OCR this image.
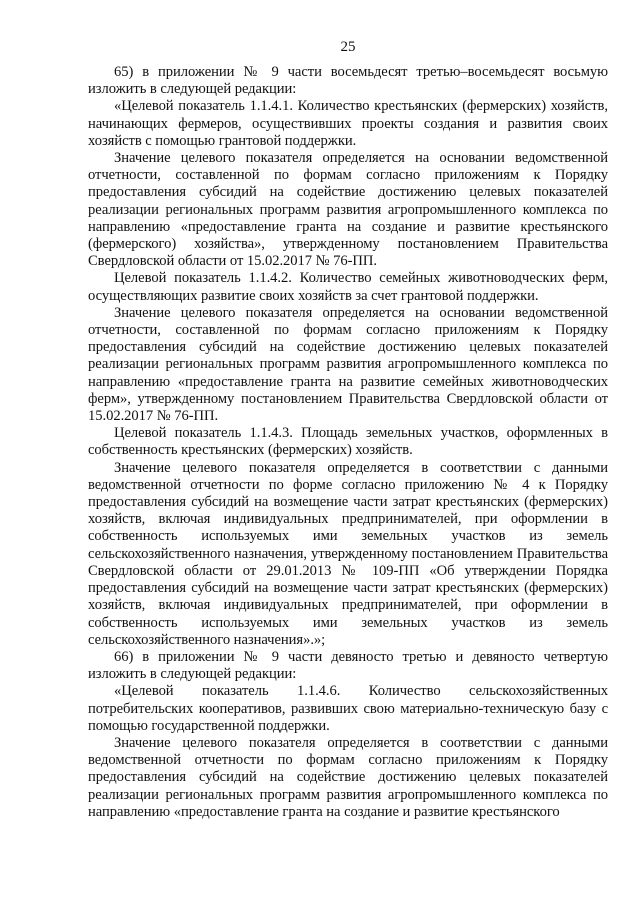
25

65) в приложении № 9 части восемьдесят третью–восемьдесят восьмую изложить в следующей редакции:

«Целевой показатель 1.1.4.1. Количество крестьянских (фермерских) хозяйств, начинающих фермеров, осуществивших проекты создания и развития своих хозяйств с помощью грантовой поддержки.

Значение целевого показателя определяется на основании ведомственной отчетности, составленной по формам согласно приложениям к Порядку предоставления субсидий на содействие достижению целевых показателей реализации региональных программ развития агропромышленного комплекса по направлению «предоставление гранта на создание и развитие крестьянского (фермерского) хозяйства», утвержденному постановлением Правительства Свердловской области от 15.02.2017 № 76-ПП.

Целевой показатель 1.1.4.2. Количество семейных животноводческих ферм, осуществляющих развитие своих хозяйств за счет грантовой поддержки.

Значение целевого показателя определяется на основании ведомственной отчетности, составленной по формам согласно приложениям к Порядку предоставления субсидий на содействие достижению целевых показателей реализации региональных программ развития агропромышленного комплекса по направлению «предоставление гранта на развитие семейных животноводческих ферм», утвержденному постановлением Правительства Свердловской области от 15.02.2017 № 76-ПП.

Целевой показатель 1.1.4.3. Площадь земельных участков, оформленных в собственность крестьянских (фермерских) хозяйств.

Значение целевого показателя определяется в соответствии с данными ведомственной отчетности по форме согласно приложению № 4 к Порядку предоставления субсидий на возмещение части затрат крестьянских (фермерских) хозяйств, включая индивидуальных предпринимателей, при оформлении в собственность используемых ими земельных участков из земель сельскохозяйственного назначения, утвержденному постановлением Правительства Свердловской области от 29.01.2013 № 109-ПП «Об утверждении Порядка предоставления субсидий на возмещение части затрат крестьянских (фермерских) хозяйств, включая индивидуальных предпринимателей, при оформлении в собственность используемых ими земельных участков из земель сельскохозяйственного назначения».»;

66) в приложении № 9 части девяносто третью и девяносто четвертую изложить в следующей редакции:

«Целевой показатель 1.1.4.6. Количество сельскохозяйственных потребительских кооперативов, развивших свою материально-техническую базу с помощью государственной поддержки.

Значение целевого показателя определяется в соответствии с данными ведомственной отчетности по формам согласно приложениям к Порядку предоставления субсидий на содействие достижению целевых показателей реализации региональных программ развития агропромышленного комплекса по направлению «предоставление гранта на создание и развитие крестьянского
